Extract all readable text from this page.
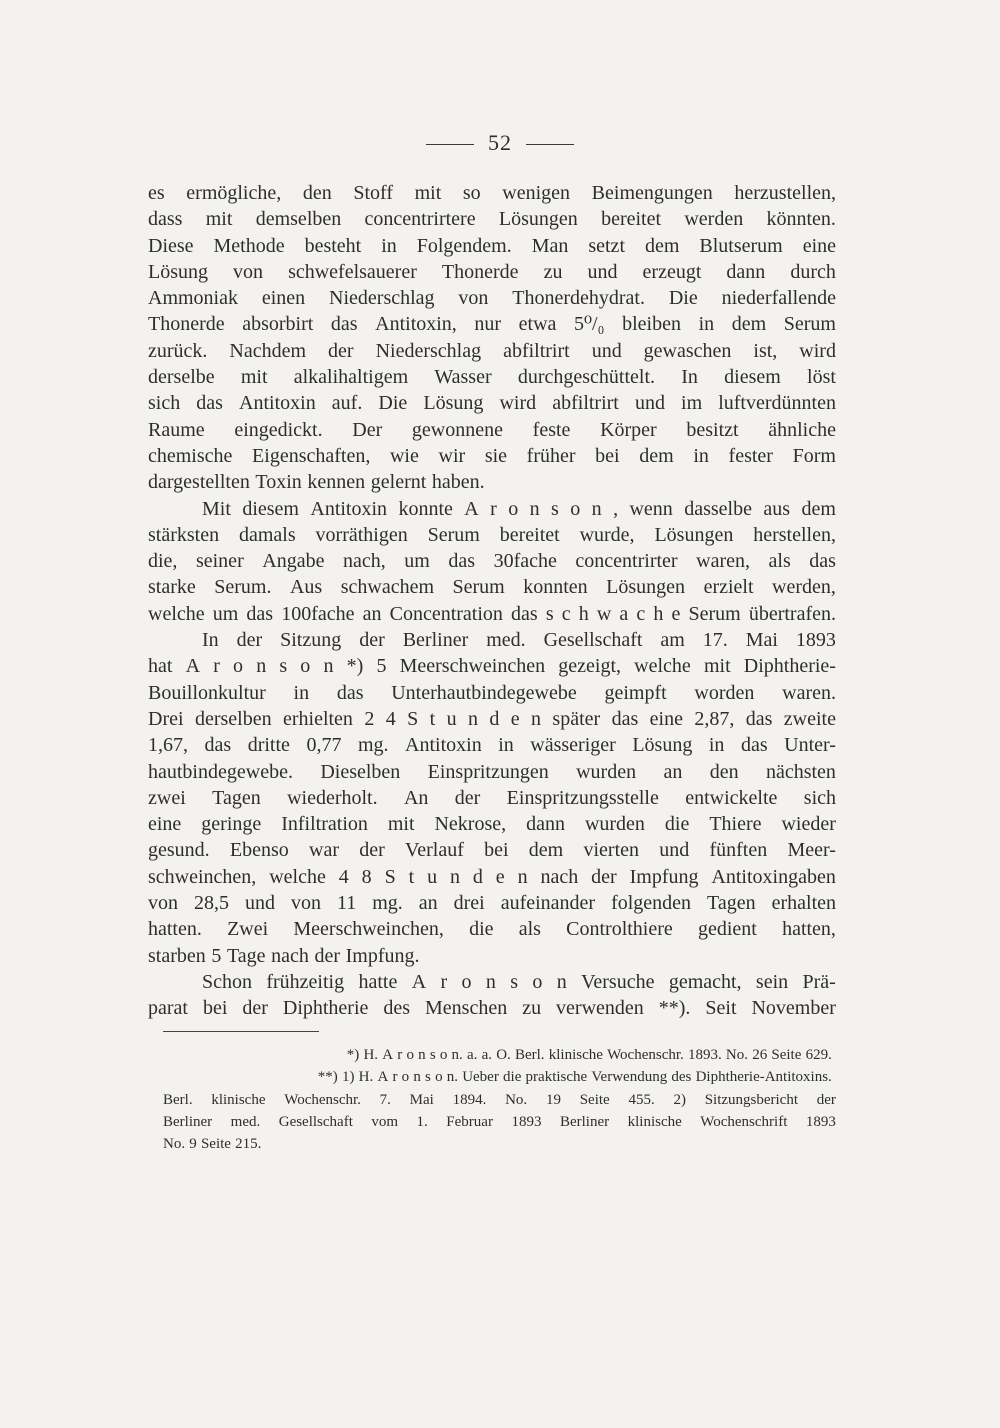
52
es ermögliche, den Stoff mit so wenigen Beimengungen herzustellen,
dass mit demselben concentrirtere Lösungen bereitet werden könnten.
Diese Methode besteht in Folgendem. Man setzt dem Blutserum eine
Lösung von schwefelsauerer Thonerde zu und erzeugt dann durch
Ammoniak einen Niederschlag von Thonerdehydrat. Die niederfallende
Thonerde absorbirt das Antitoxin, nur etwa 5⁰/₀ bleiben in dem Serum
zurück. Nachdem der Niederschlag abfiltrirt und gewaschen ist, wird
derselbe mit alkalihaltigem Wasser durchgeschüttelt. In diesem löst
sich das Antitoxin auf. Die Lösung wird abfiltrirt und im luftverdünnten
Raume eingedickt. Der gewonnene feste Körper besitzt ähnliche
chemische Eigenschaften, wie wir sie früher bei dem in fester Form
dargestellten Toxin kennen gelernt haben.
Mit diesem Antitoxin konnte A r o n s o n , wenn dasselbe aus dem
stärksten damals vorräthigen Serum bereitet wurde, Lösungen herstellen,
die, seiner Angabe nach, um das 30fache concentrirter waren, als das
starke Serum. Aus schwachem Serum konnten Lösungen erzielt werden,
welche um das 100fache an Concentration das s c h w a c h e Serum übertrafen.
In der Sitzung der Berliner med. Gesellschaft am 17. Mai 1893
hat A r o n s o n *) 5 Meerschweinchen gezeigt, welche mit Diphtherie-
Bouillonkultur in das Unterhautbindegewebe geimpft worden waren.
Drei derselben erhielten 2 4 S t u n d e n später das eine 2,87, das zweite
1,67, das dritte 0,77 mg. Antitoxin in wässeriger Lösung in das Unter-
hautbindegewebe. Dieselben Einspritzungen wurden an den nächsten
zwei Tagen wiederholt. An der Einspritzungsstelle entwickelte sich
eine geringe Infiltration mit Nekrose, dann wurden die Thiere wieder
gesund. Ebenso war der Verlauf bei dem vierten und fünften Meer-
schweinchen, welche 4 8 S t u n d e n nach der Impfung Antitoxingaben
von 28,5 und von 11 mg. an drei aufeinander folgenden Tagen erhalten
hatten. Zwei Meerschweinchen, die als Controlthiere gedient hatten,
starben 5 Tage nach der Impfung.
Schon frühzeitig hatte A r o n s o n Versuche gemacht, sein Prä-
parat bei der Diphtherie des Menschen zu verwenden **). Seit November
*) H. A r o n s o n. a. a. O. Berl. klinische Wochenschr. 1893. No. 26 Seite 629.
**) 1) H. A r o n s o n. Ueber die praktische Verwendung des Diphtherie-Antitoxins.
Berl. klinische Wochenschr. 7. Mai 1894. No. 19 Seite 455. 2) Sitzungsbericht der
Berliner med. Gesellschaft vom 1. Februar 1893 Berliner klinische Wochenschrift 1893
No. 9 Seite 215.
